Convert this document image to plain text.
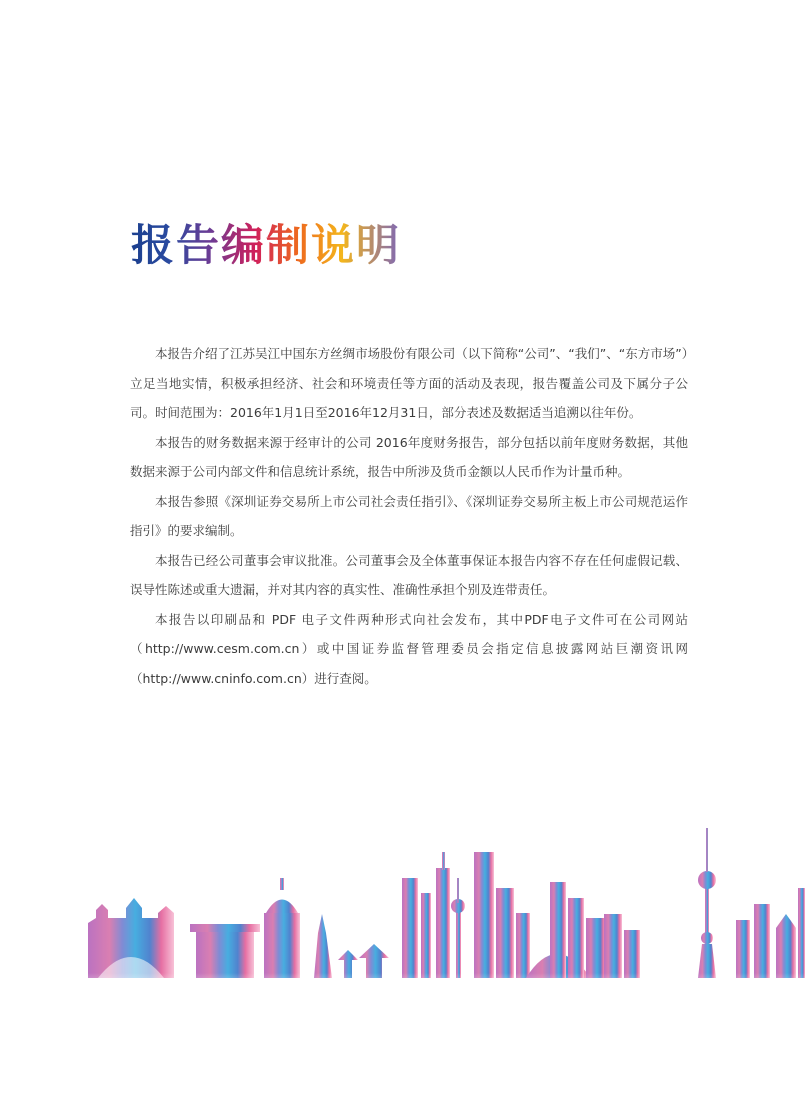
报告编制说明

本报告介绍了江苏吴江中国东方丝绸市场股份有限公司（以下简称“公司”、“我们”、“东方市场”）立足当地实情，积极承担经济、社会和环境责任等方面的活动及表现，报告覆盖公司及下属分子公司。时间范围为：2016年1月1日至2016年12月31日，部分表述及数据适当追溯以往年份。

本报告的财务数据来源于经审计的公司 2016年度财务报告，部分包括以前年度财务数据，其他数据来源于公司内部文件和信息统计系统，报告中所涉及货币金额以人民币作为计量币种。

本报告参照《深圳证券交易所上市公司社会责任指引》、《深圳证券交易所主板上市公司规范运作指引》的要求编制。

本报告已经公司董事会审议批准。公司董事会及全体董事保证本报告内容不存在任何虚假记载、误导性陈述或重大遗漏，并对其内容的真实性、准确性承担个别及连带责任。

本报告以印刷品和 PDF 电子文件两种形式向社会发布，其中PDF电子文件可在公司网站（http://www.cesm.com.cn）或中国证券监督管理委员会指定信息披露网站巨潮资讯网（http://www.cninfo.com.cn）进行查阅。
